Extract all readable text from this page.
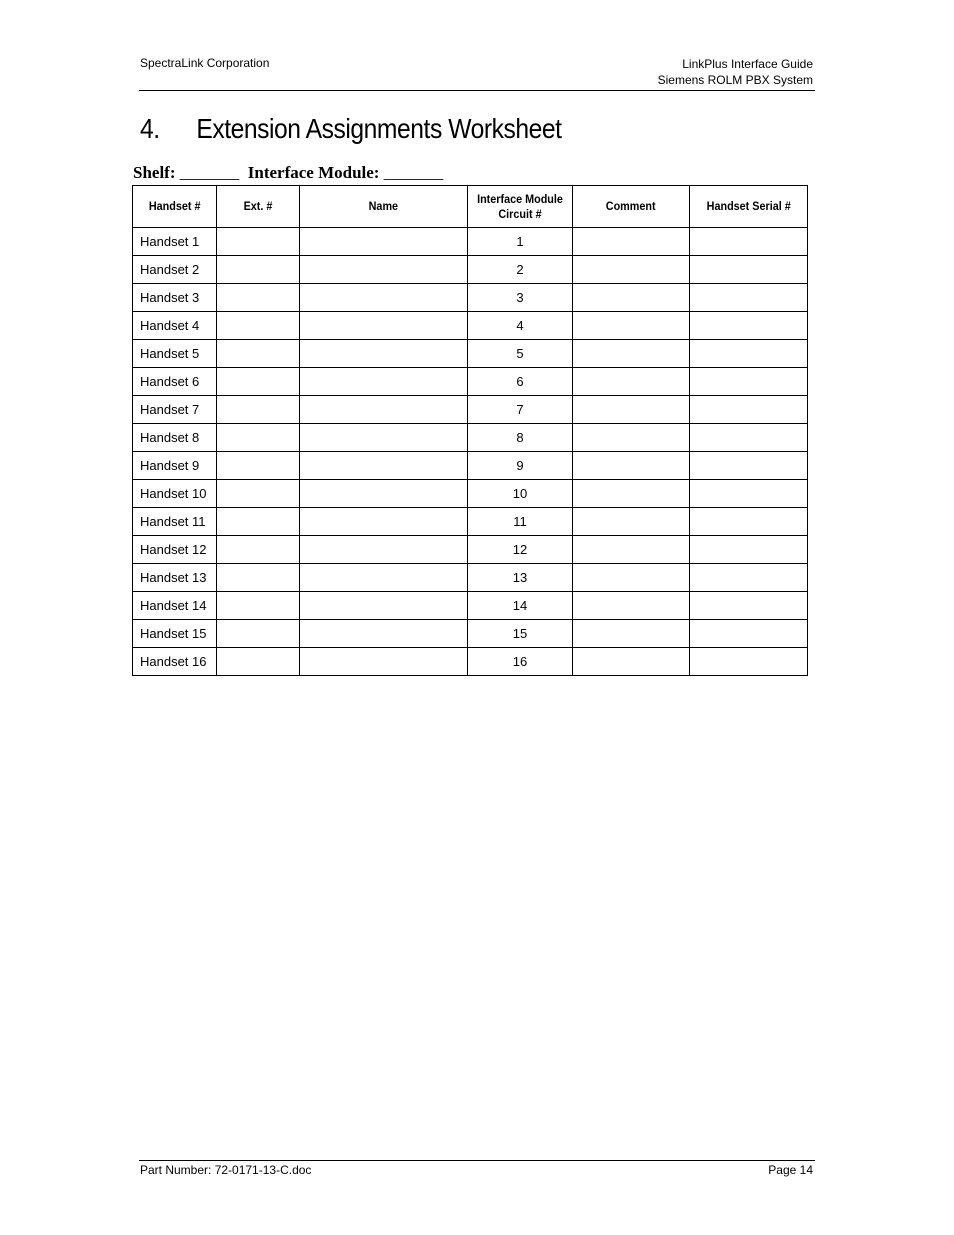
SpectraLink Corporation	LinkPlus Interface Guide
Siemens ROLM PBX System
4. Extension Assignments Worksheet
Shelf: _______ Interface Module: _______
Handset #	Ext. #	Name	Interface Module Circuit #	Comment	Handset Serial #
Handset 1			1		
Handset 2			2		
Handset 3			3		
Handset 4			4		
Handset 5			5		
Handset 6			6		
Handset 7			7		
Handset 8			8		
Handset 9			9		
Handset 10			10		
Handset 11			11		
Handset 12			12		
Handset 13			13		
Handset 14			14		
Handset 15			15		
Handset 16			16		
Part Number: 72-0171-13-C.doc	Page 14
